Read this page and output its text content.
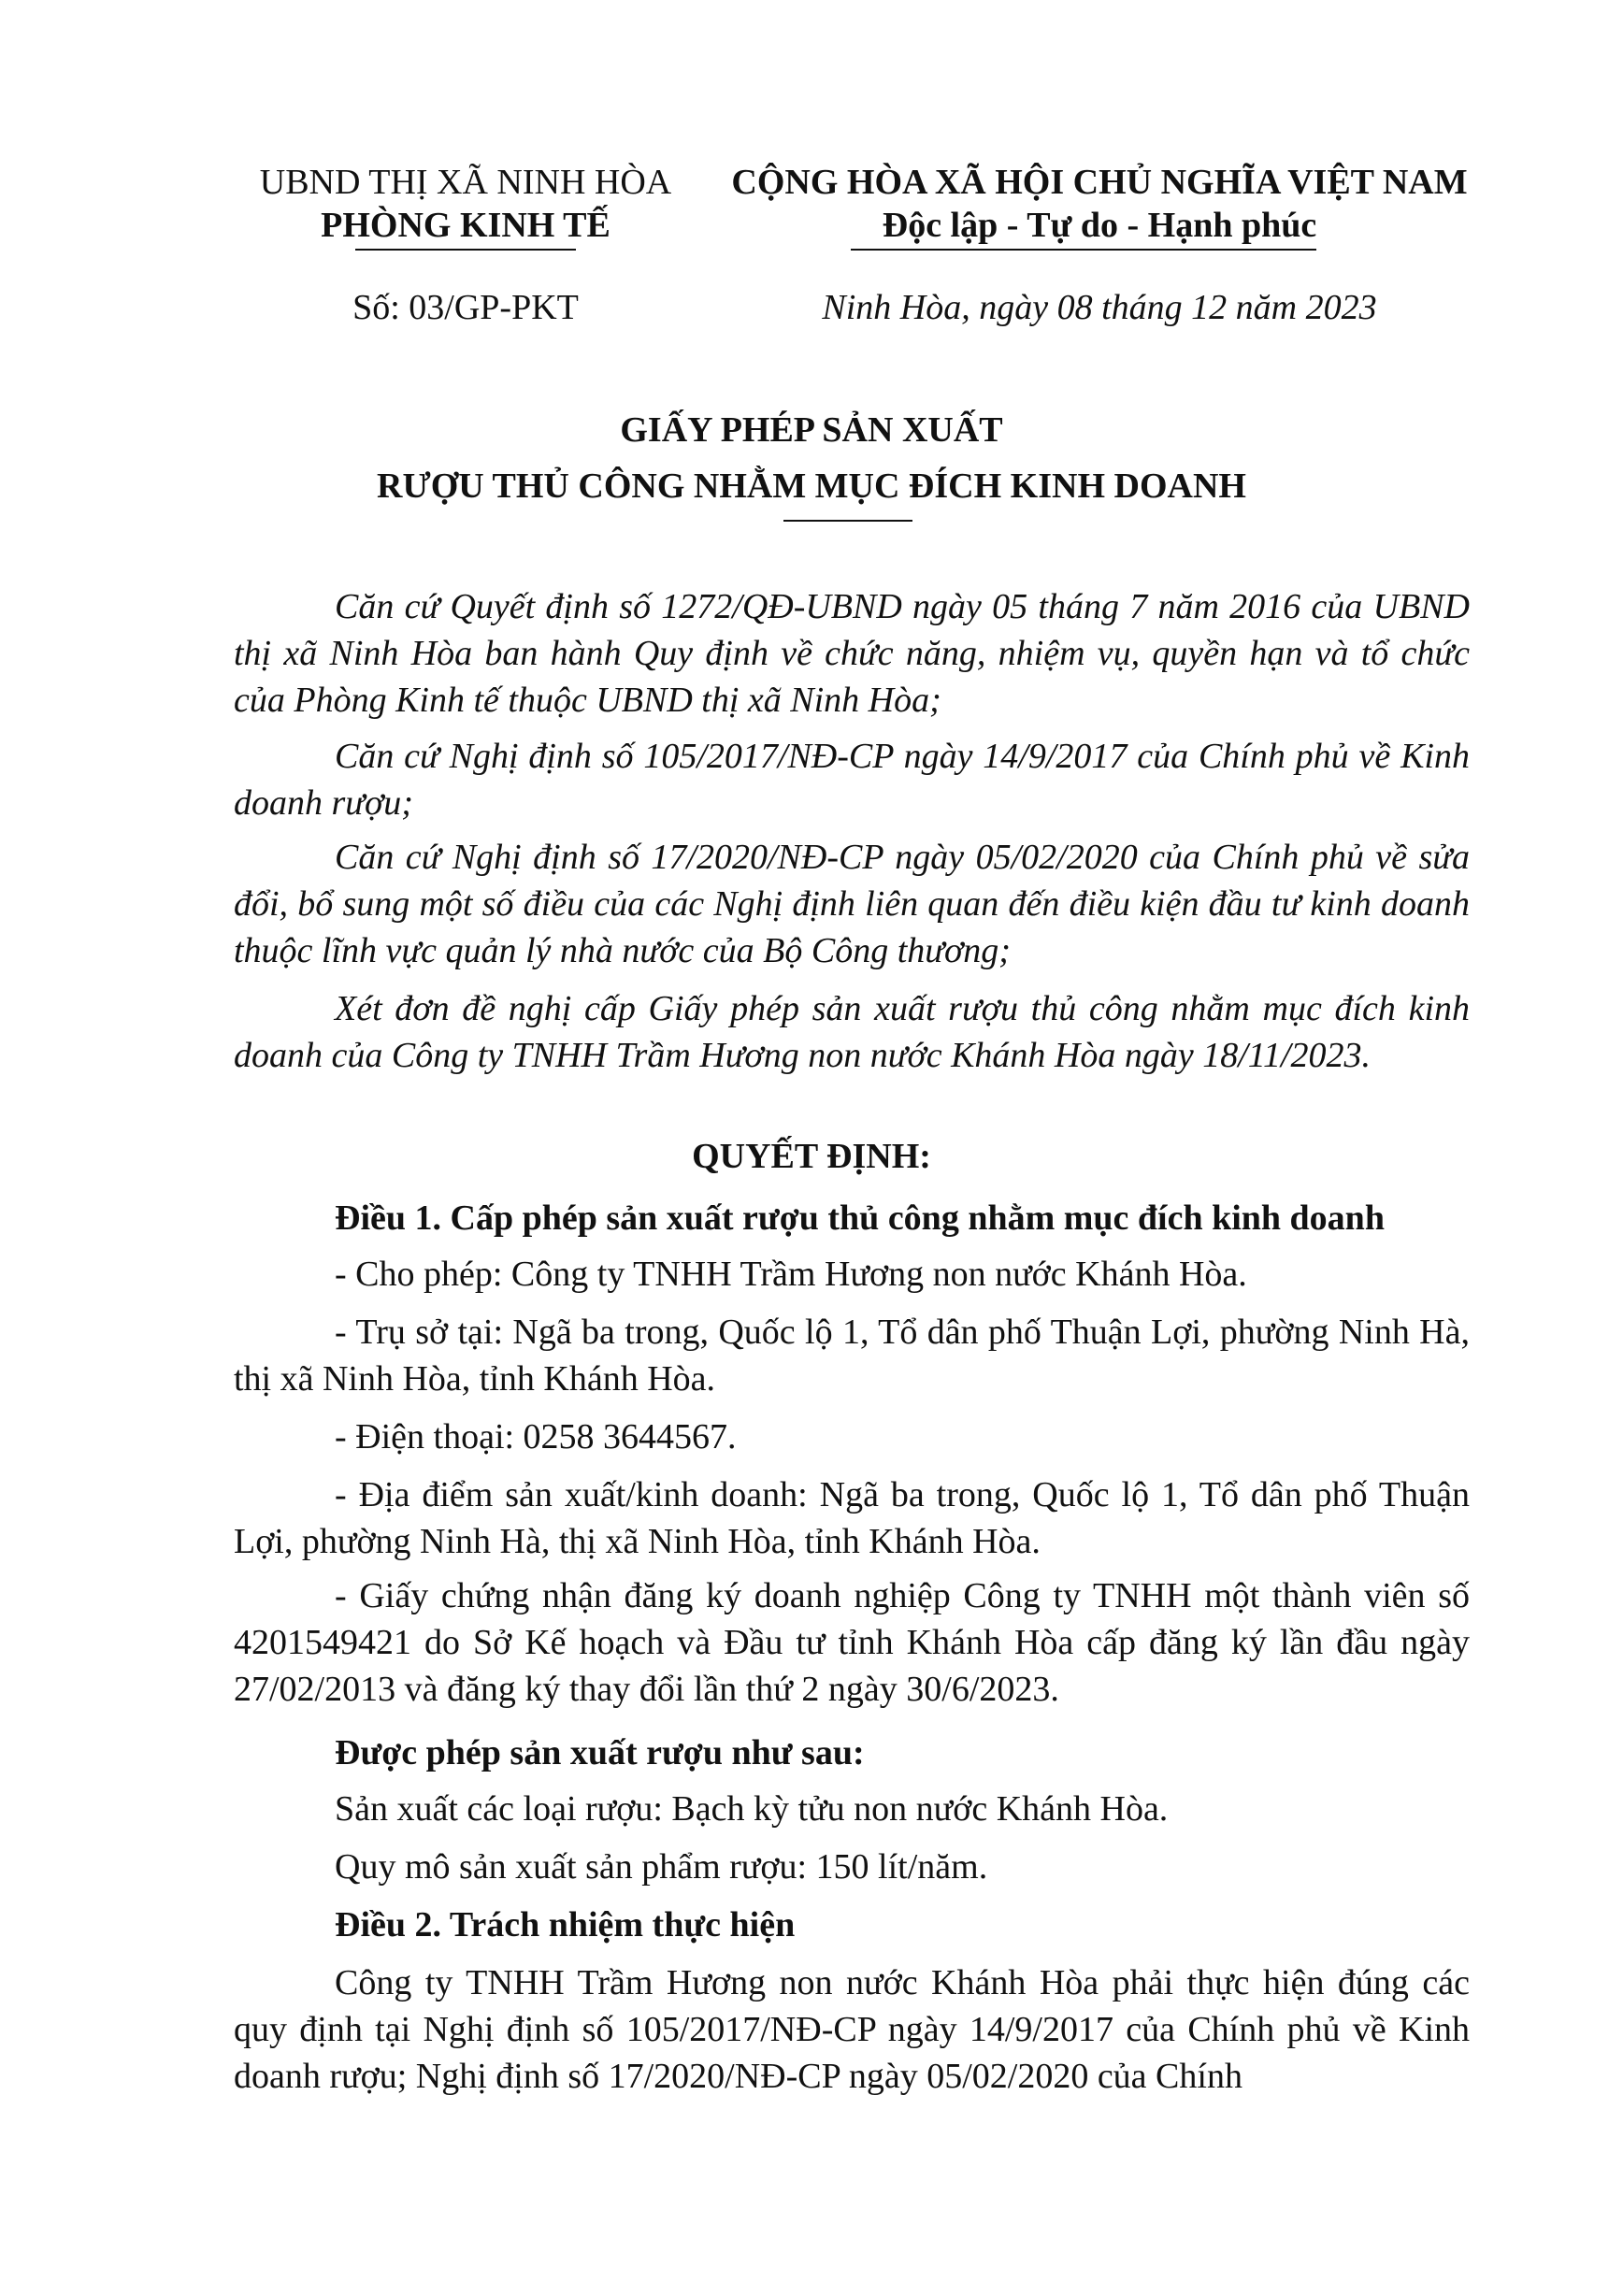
UBND THỊ XÃ NINH HÒA
PHÒNG KINH TẾ
Số: 03/GP-PKT
CỘNG HÒA XÃ HỘI CHỦ NGHĨA VIỆT NAM
Độc lập - Tự do - Hạnh phúc
Ninh Hòa, ngày 08 tháng 12 năm 2023
GIẤY PHÉP SẢN XUẤT
RƯỢU THỦ CÔNG NHẰM MỤC ĐÍCH KINH DOANH

Căn cứ Quyết định số 1272/QĐ-UBND ngày 05 tháng 7 năm 2016 của UBND thị xã Ninh Hòa ban hành Quy định về chức năng, nhiệm vụ, quyền hạn và tổ chức của Phòng Kinh tế thuộc UBND thị xã Ninh Hòa;

Căn cứ Nghị định số 105/2017/NĐ-CP ngày 14/9/2017 của Chính phủ về Kinh doanh rượu;

Căn cứ Nghị định số 17/2020/NĐ-CP ngày 05/02/2020 của Chính phủ về sửa đổi, bổ sung một số điều của các Nghị định liên quan đến điều kiện đầu tư kinh doanh thuộc lĩnh vực quản lý nhà nước của Bộ Công thương;

Xét đơn đề nghị cấp Giấy phép sản xuất rượu thủ công nhằm mục đích kinh doanh của Công ty TNHH Trầm Hương non nước Khánh Hòa ngày 18/11/2023.

QUYẾT ĐỊNH:
Điều 1. Cấp phép sản xuất rượu thủ công nhằm mục đích kinh doanh
- Cho phép: Công ty TNHH Trầm Hương non nước Khánh Hòa.

- Trụ sở tại: Ngã ba trong, Quốc lộ 1, Tổ dân phố Thuận Lợi, phường Ninh Hà, thị xã Ninh Hòa, tỉnh Khánh Hòa.

- Điện thoại: 0258 3644567.

- Địa điểm sản xuất/kinh doanh: Ngã ba trong, Quốc lộ 1, Tổ dân phố Thuận Lợi, phường Ninh Hà, thị xã Ninh Hòa, tỉnh Khánh Hòa.

- Giấy chứng nhận đăng ký doanh nghiệp Công ty TNHH một thành viên số 4201549421 do Sở Kế hoạch và Đầu tư tỉnh Khánh Hòa cấp đăng ký lần đầu ngày 27/02/2013 và đăng ký thay đổi lần thứ 2 ngày 30/6/2023.

Được phép sản xuất rượu như sau:
Sản xuất các loại rượu: Bạch kỳ tửu non nước Khánh Hòa.
Quy mô sản xuất sản phẩm rượu: 150 lít/năm.
Điều 2. Trách nhiệm thực hiện

Công ty TNHH Trầm Hương non nước Khánh Hòa phải thực hiện đúng các quy định tại Nghị định số 105/2017/NĐ-CP ngày 14/9/2017 của Chính phủ về Kinh doanh rượu; Nghị định số 17/2020/NĐ-CP ngày 05/02/2020 của Chính
